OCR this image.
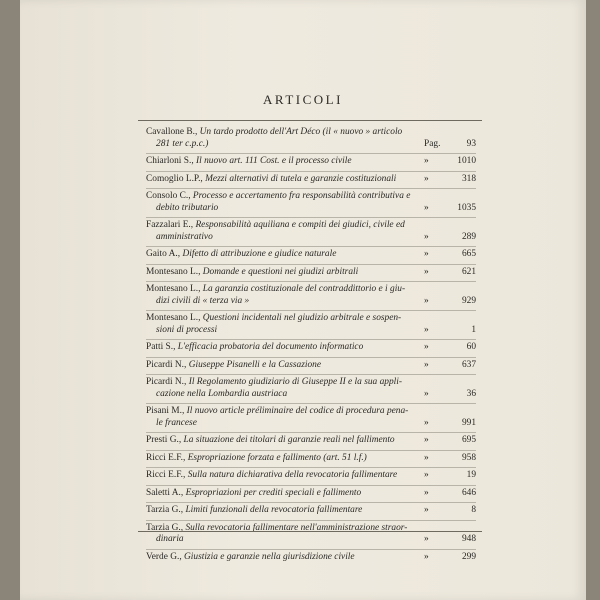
ARTICOLI
Cavallone B., Un tardo prodotto dell'Art Déco (il « nuovo » articolo
281 ter c.p.c.)	Pag.	93
Chiarloni S., Il nuovo art. 111 Cost. e il processo civile	»	1010
Comoglio L.P., Mezzi alternativi di tutela e garanzie costituzionali	»	318
Consolo C., Processo e accertamento fra responsabilità contributiva e
debito tributario	»	1035
Fazzalari E., Responsabilità aquiliana e compiti dei giudici, civile ed
amministrativo	»	289
Gaito A., Difetto di attribuzione e giudice naturale	»	665
Montesano L., Domande e questioni nei giudizi arbitrali	»	621
Montesano L., La garanzia costituzionale del contraddittorio e i giu-
dizi civili di « terza via »	»	929
Montesano L., Questioni incidentali nel giudizio arbitrale e sospen-
sioni di processi	»	1
Patti S., L'efficacia probatoria del documento informatico	»	60
Picardi N., Giuseppe Pisanelli e la Cassazione	»	637
Picardi N., Il Regolamento giudiziario di Giuseppe II e la sua appli-
cazione nella Lombardia austriaca	»	36
Pisani M., Il nuovo article préliminaire del codice di procedura pena-
le francese	»	991
Presti G., La situazione dei titolari di garanzie reali nel fallimento	»	695
Ricci E.F., Espropriazione forzata e fallimento (art. 51 l.f.)	»	958
Ricci E.F., Sulla natura dichiarativa della revocatoria fallimentare	»	19
Saletti A., Espropriazioni per crediti speciali e fallimento	»	646
Tarzia G., Limiti funzionali della revocatoria fallimentare	»	8
Tarzia G., Sulla revocatoria fallimentare nell'amministrazione straor-
dinaria	»	948
Verde G., Giustizia e garanzie nella giurisdizione civile	»	299
